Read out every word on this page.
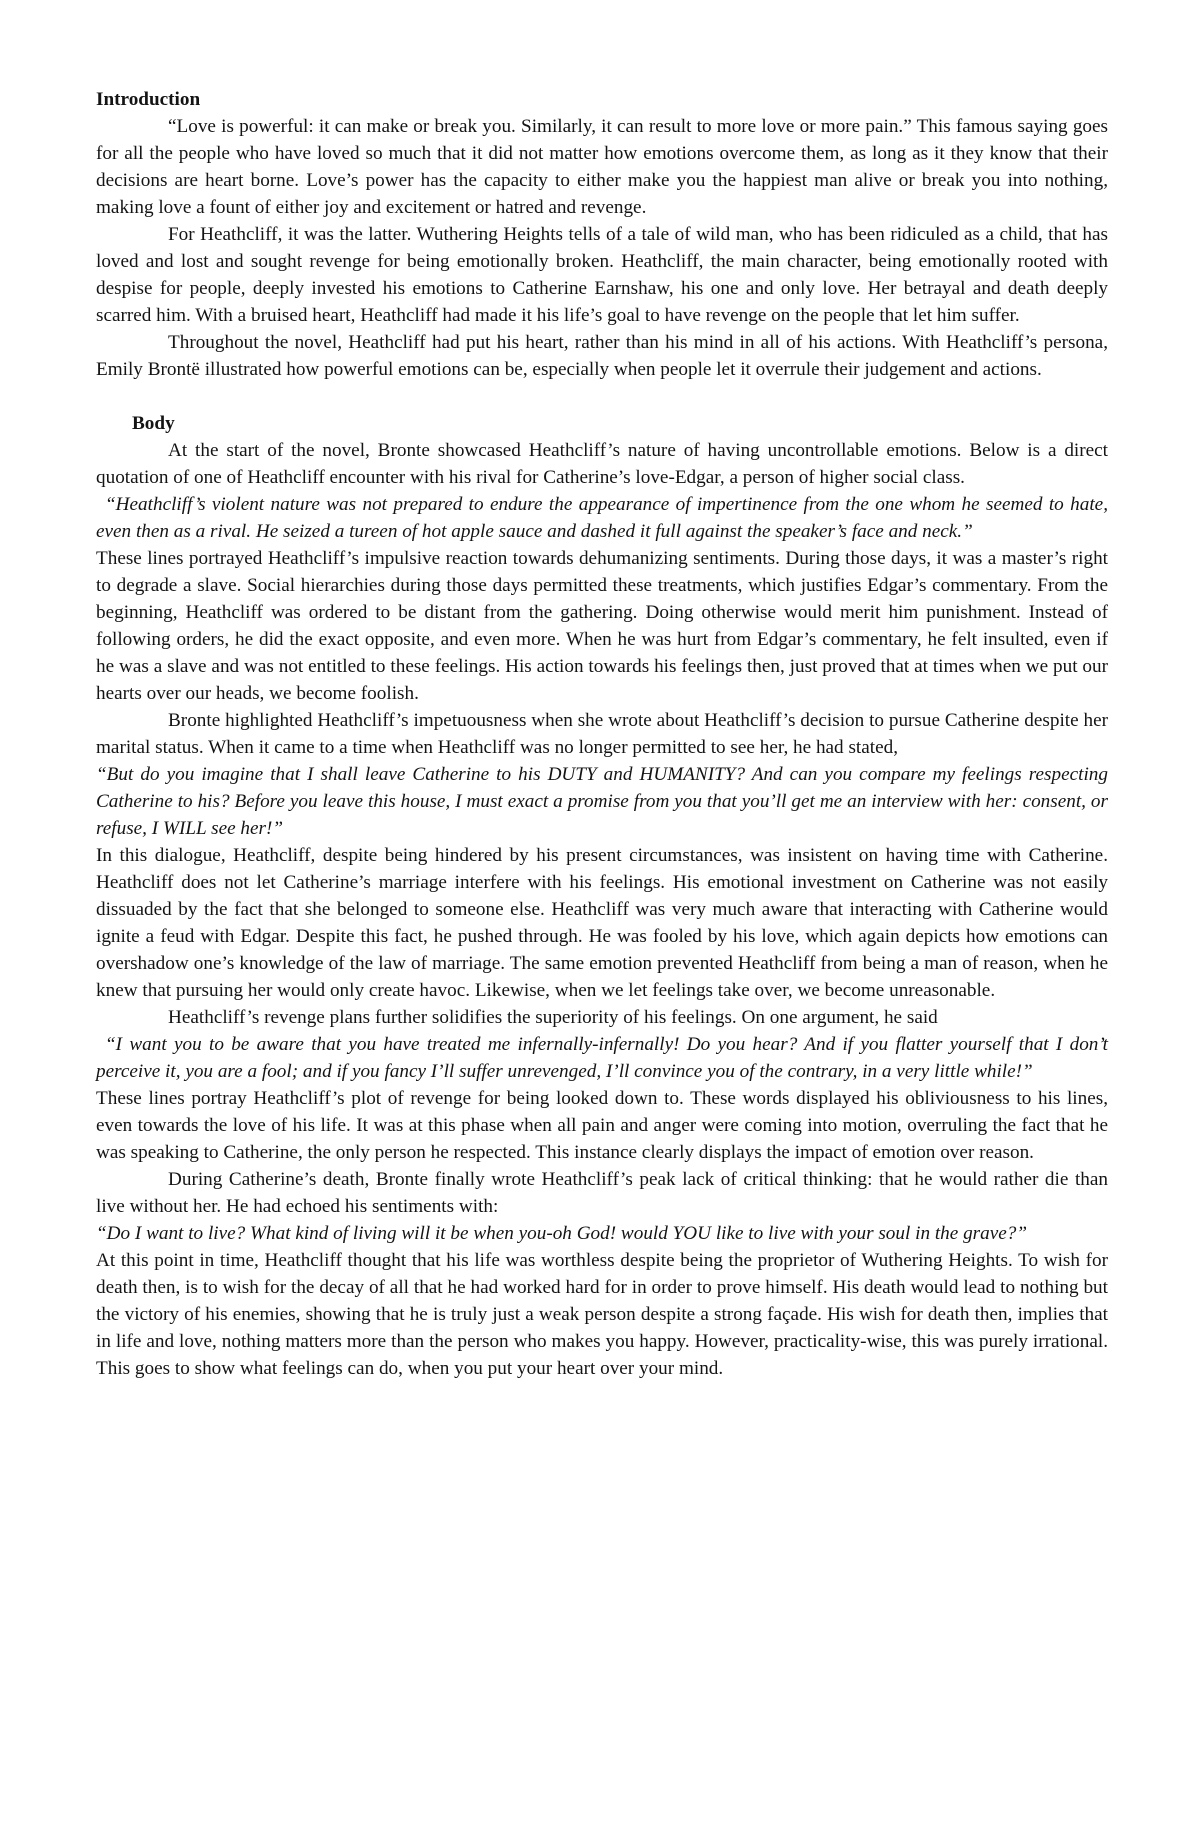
Introduction

“Love is powerful: it can make or break you. Similarly, it can result to more love or more pain.” This famous saying goes for all the people who have loved so much that it did not matter how emotions overcome them, as long as it they know that their decisions are heart borne. Love’s power has the capacity to either make you the happiest man alive or break you into nothing, making love a fount of either joy and excitement or hatred and revenge.

For Heathcliff, it was the latter. Wuthering Heights tells of a tale of wild man, who has been ridiculed as a child, that has loved and lost and sought revenge for being emotionally broken. Heathcliff, the main character, being emotionally rooted with despise for people, deeply invested his emotions to Catherine Earnshaw, his one and only love. Her betrayal and death deeply scarred him. With a bruised heart, Heathcliff had made it his life’s goal to have revenge on the people that let him suffer.

Throughout the novel, Heathcliff had put his heart, rather than his mind in all of his actions. With Heathcliff’s persona, Emily Brontë illustrated how powerful emotions can be, especially when people let it overrule their judgement and actions.

Body

At the start of the novel, Bronte showcased Heathcliff’s nature of having uncontrollable emotions. Below is a direct quotation of one of Heathcliff encounter with his rival for Catherine’s love-Edgar, a person of higher social class.

“Heathcliff’s violent nature was not prepared to endure the appearance of impertinence from the one whom he seemed to hate, even then as a rival. He seized a tureen of hot apple sauce and dashed it full against the speaker’s face and neck.”

These lines portrayed Heathcliff’s impulsive reaction towards dehumanizing sentiments. During those days, it was a master’s right to degrade a slave. Social hierarchies during those days permitted these treatments, which justifies Edgar’s commentary. From the beginning, Heathcliff was ordered to be distant from the gathering. Doing otherwise would merit him punishment. Instead of following orders, he did the exact opposite, and even more. When he was hurt from Edgar’s commentary, he felt insulted, even if he was a slave and was not entitled to these feelings. His action towards his feelings then, just proved that at times when we put our hearts over our heads, we become foolish.

Bronte highlighted Heathcliff’s impetuousness when she wrote about Heathcliff’s decision to pursue Catherine despite her marital status. When it came to a time when Heathcliff was no longer permitted to see her, he had stated,

“But do you imagine that I shall leave Catherine to his DUTY and HUMANITY? And can you compare my feelings respecting Catherine to his? Before you leave this house, I must exact a promise from you that you’ll get me an interview with her: consent, or refuse, I WILL see her!”

In this dialogue, Heathcliff, despite being hindered by his present circumstances, was insistent on having time with Catherine. Heathcliff does not let Catherine’s marriage interfere with his feelings. His emotional investment on Catherine was not easily dissuaded by the fact that she belonged to someone else. Heathcliff was very much aware that interacting with Catherine would ignite a feud with Edgar. Despite this fact, he pushed through. He was fooled by his love, which again depicts how emotions can overshadow one’s knowledge of the law of marriage. The same emotion prevented Heathcliff from being a man of reason, when he knew that pursuing her would only create havoc. Likewise, when we let feelings take over, we become unreasonable.

Heathcliff’s revenge plans further solidifies the superiority of his feelings. On one argument, he said

“I want you to be aware that you have treated me infernally-infernally! Do you hear? And if you flatter yourself that I don’t perceive it, you are a fool; and if you fancy I’ll suffer unrevenged, I’ll convince you of the contrary, in a very little while!”

These lines portray Heathcliff’s plot of revenge for being looked down to. These words displayed his obliviousness to his lines, even towards the love of his life. It was at this phase when all pain and anger were coming into motion, overruling the fact that he was speaking to Catherine, the only person he respected. This instance clearly displays the impact of emotion over reason.

During Catherine’s death, Bronte finally wrote Heathcliff’s peak lack of critical thinking: that he would rather die than live without her. He had echoed his sentiments with:

“Do I want to live? What kind of living will it be when you-oh God! would YOU like to live with your soul in the grave?”

At this point in time, Heathcliff thought that his life was worthless despite being the proprietor of Wuthering Heights. To wish for death then, is to wish for the decay of all that he had worked hard for in order to prove himself. His death would lead to nothing but the victory of his enemies, showing that he is truly just a weak person despite a strong façade. His wish for death then, implies that in life and love, nothing matters more than the person who makes you happy. However, practicality-wise, this was purely irrational. This goes to show what feelings can do, when you put your heart over your mind.
